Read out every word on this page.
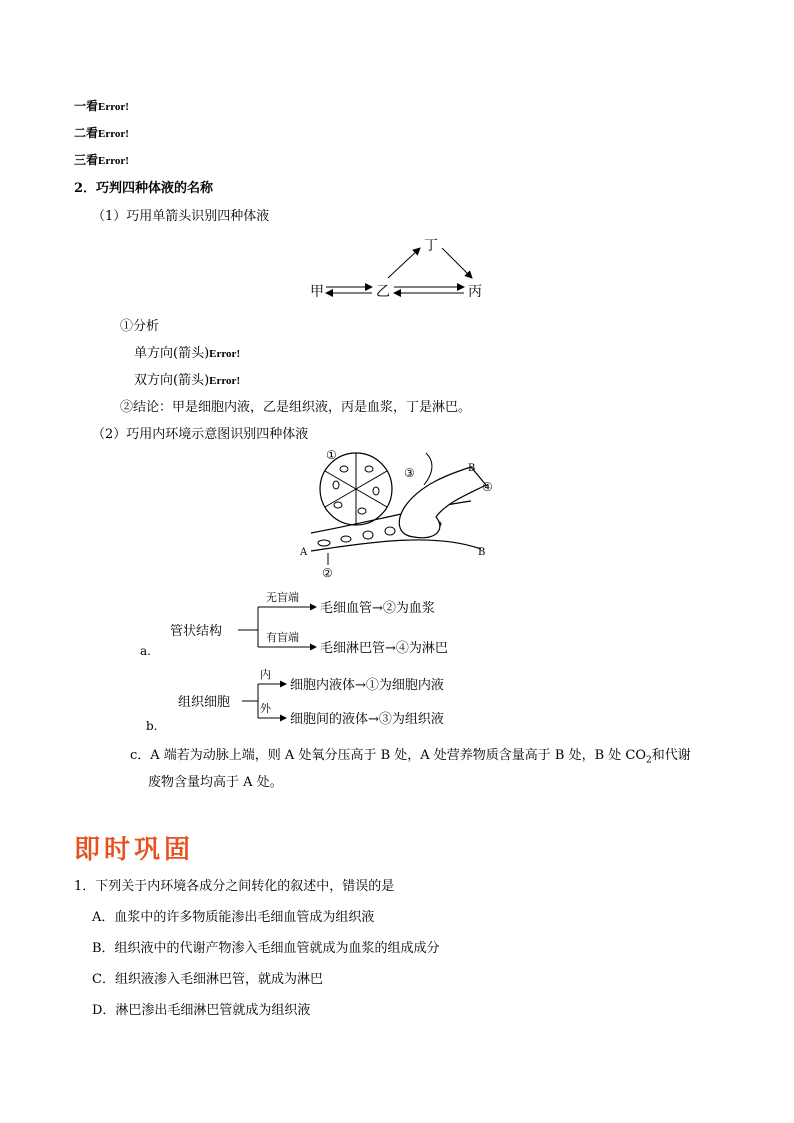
一看Error!
二看Error!
三看Error!
2．巧判四种体液的名称
（1）巧用单箭头识别四种体液
甲	乙	丙
丁
①分析
单方向(箭头)Error!
双方向(箭头)Error!
②结论：甲是细胞内液，乙是组织液，丙是血浆，丁是淋巴。
（2）巧用内环境示意图识别四种体液
①
③
④
②
A
B
B
管状结构
无盲端
有盲端
毛细血管→②为血浆
毛细淋巴管→④为淋巴
a.
组织细胞
内
外
细胞内液体→①为细胞内液
细胞间的液体→③为组织液
b.
c．A 端若为动脉上端，则 A 处氧分压高于 B 处，A 处营养物质含量高于 B 处，B 处 $CO_2$和代谢
废物含量均高于 A 处。
即时巩固
1．下列关于内环境各成分之间转化的叙述中，错误的是
A．血浆中的许多物质能渗出毛细血管成为组织液
B．组织液中的代谢产物渗入毛细血管就成为血浆的组成成分
C．组织液渗入毛细淋巴管，就成为淋巴
D．淋巴渗出毛细淋巴管就成为组织液
